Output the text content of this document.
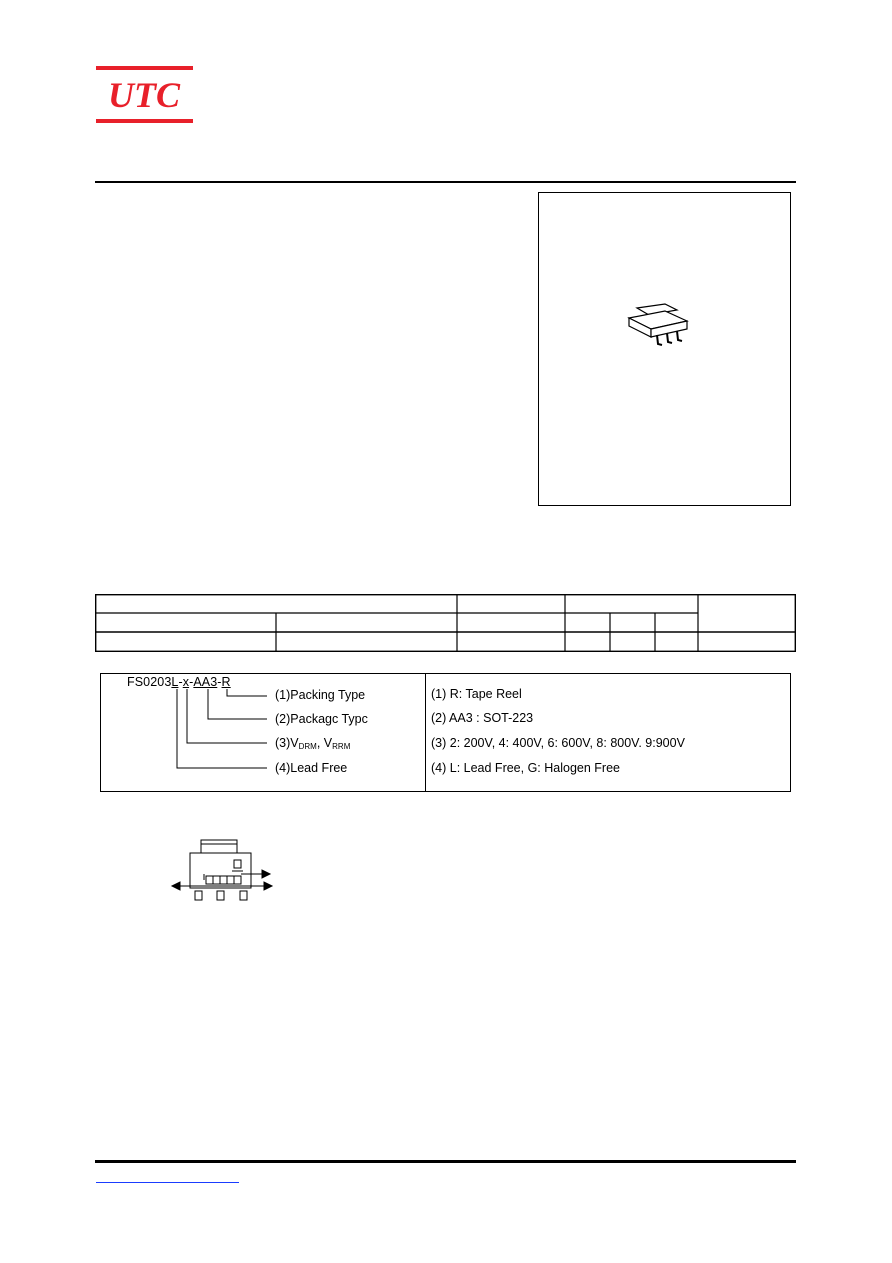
UTC
FS0203L-x-AA3-R
(1)Packing Type
(2)Packagc Typc
$(3)V_{DRM}$, $V_{RRM}$
(4)Lead Free
(1) R: Tape Reel
(2) AA3 : SOT-223
(3) 2: 200V, 4: 400V, 6: 600V, 8: 800V. 9:900V
(4) L: Lead Free, G: Halogen Free
